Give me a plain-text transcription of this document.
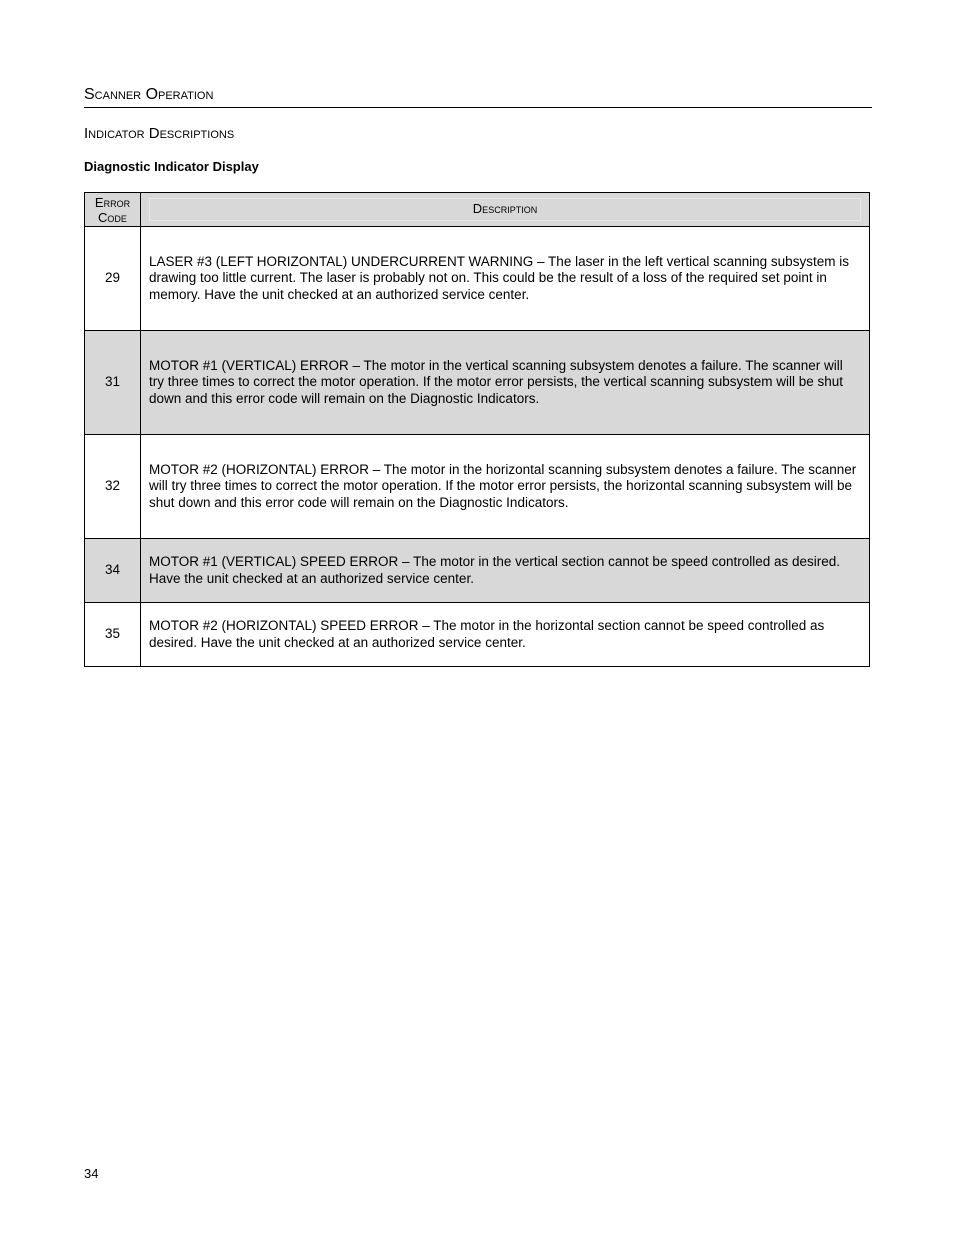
Scanner Operation
Indicator Descriptions
Diagnostic Indicator Display
Error
Code	Description

29	LASER #3 (LEFT HORIZONTAL) UNDERCURRENT WARNING – The laser in the left vertical scanning subsystem is drawing too little current. The laser is probably not on. This could be the result of a loss of the required set point in memory. Have the unit checked at an authorized service center.
31	MOTOR #1 (VERTICAL) ERROR – The motor in the vertical scanning subsystem denotes a failure. The scanner will try three times to correct the motor operation. If the motor error persists, the vertical scanning subsystem will be shut down and this error code will remain on the Diagnostic Indicators.
32	MOTOR #2 (HORIZONTAL) ERROR – The motor in the horizontal scanning subsystem denotes a failure. The scanner will try three times to correct the motor operation. If the motor error persists, the horizontal scanning subsystem will be shut down and this error code will remain on the Diagnostic Indicators.
34	MOTOR #1 (VERTICAL) SPEED ERROR – The motor in the vertical section cannot be speed controlled as desired. Have the unit checked at an authorized service center.
35	MOTOR #2 (HORIZONTAL) SPEED ERROR – The motor in the horizontal section cannot be speed controlled as desired. Have the unit checked at an authorized service center.
34
